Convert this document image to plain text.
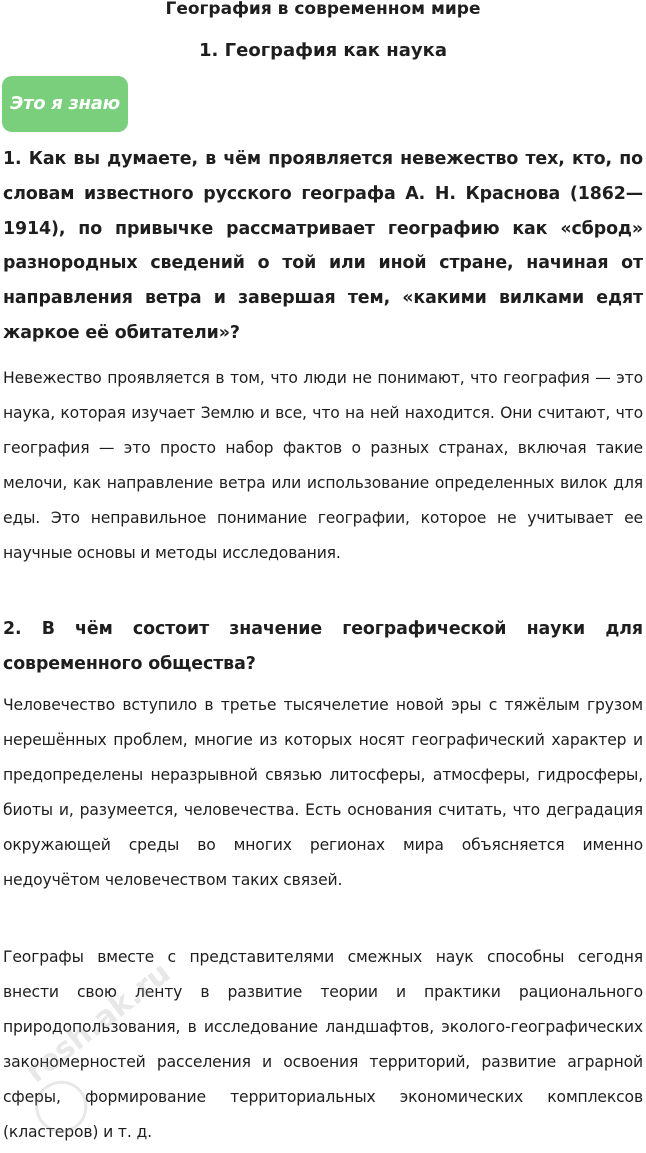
География в современном мире
1. География как наука
Это я знаю

1. Как вы думаете, в чём проявляется невежество тех, кто, по словам известного русского географа А. Н. Краснова (1862—1914), по привычке рассматривает географию как «сброд» разнородных сведений о той или иной стране, начиная от направления ветра и завершая тем, «какими вилками едят жаркое её обитатели»?

Невежество проявляется в том, что люди не понимают, что география — это наука, которая изучает Землю и все, что на ней находится. Они считают, что география — это просто набор фактов о разных странах, включая такие мелочи, как направление ветра или использование определенных вилок для еды. Это неправильное понимание географии, которое не учитывает ее научные основы и методы исследования.

2. В чём состоит значение географической науки для современного общества?

Человечество вступило в третье тысячелетие новой эры с тяжёлым грузом нерешённых проблем, многие из которых носят географический характер и предопределены неразрывной связью литосферы, атмосферы, гидросферы, биоты и, разумеется, человечества. Есть основания считать, что деградация окружающей среды во многих регионах мира объясняется именно недоучётом человечеством таких связей.

Географы вместе с представителями смежных наук способны сегодня внести свою ленту в развитие теории и практики рационального природопользования, в исследование ландшафтов, эколого-географических закономерностей расселения и освоения территорий, развитие аграрной сферы, формирование территориальных экономических комплексов (кластеров) и т. д.

resh.ak.ru
